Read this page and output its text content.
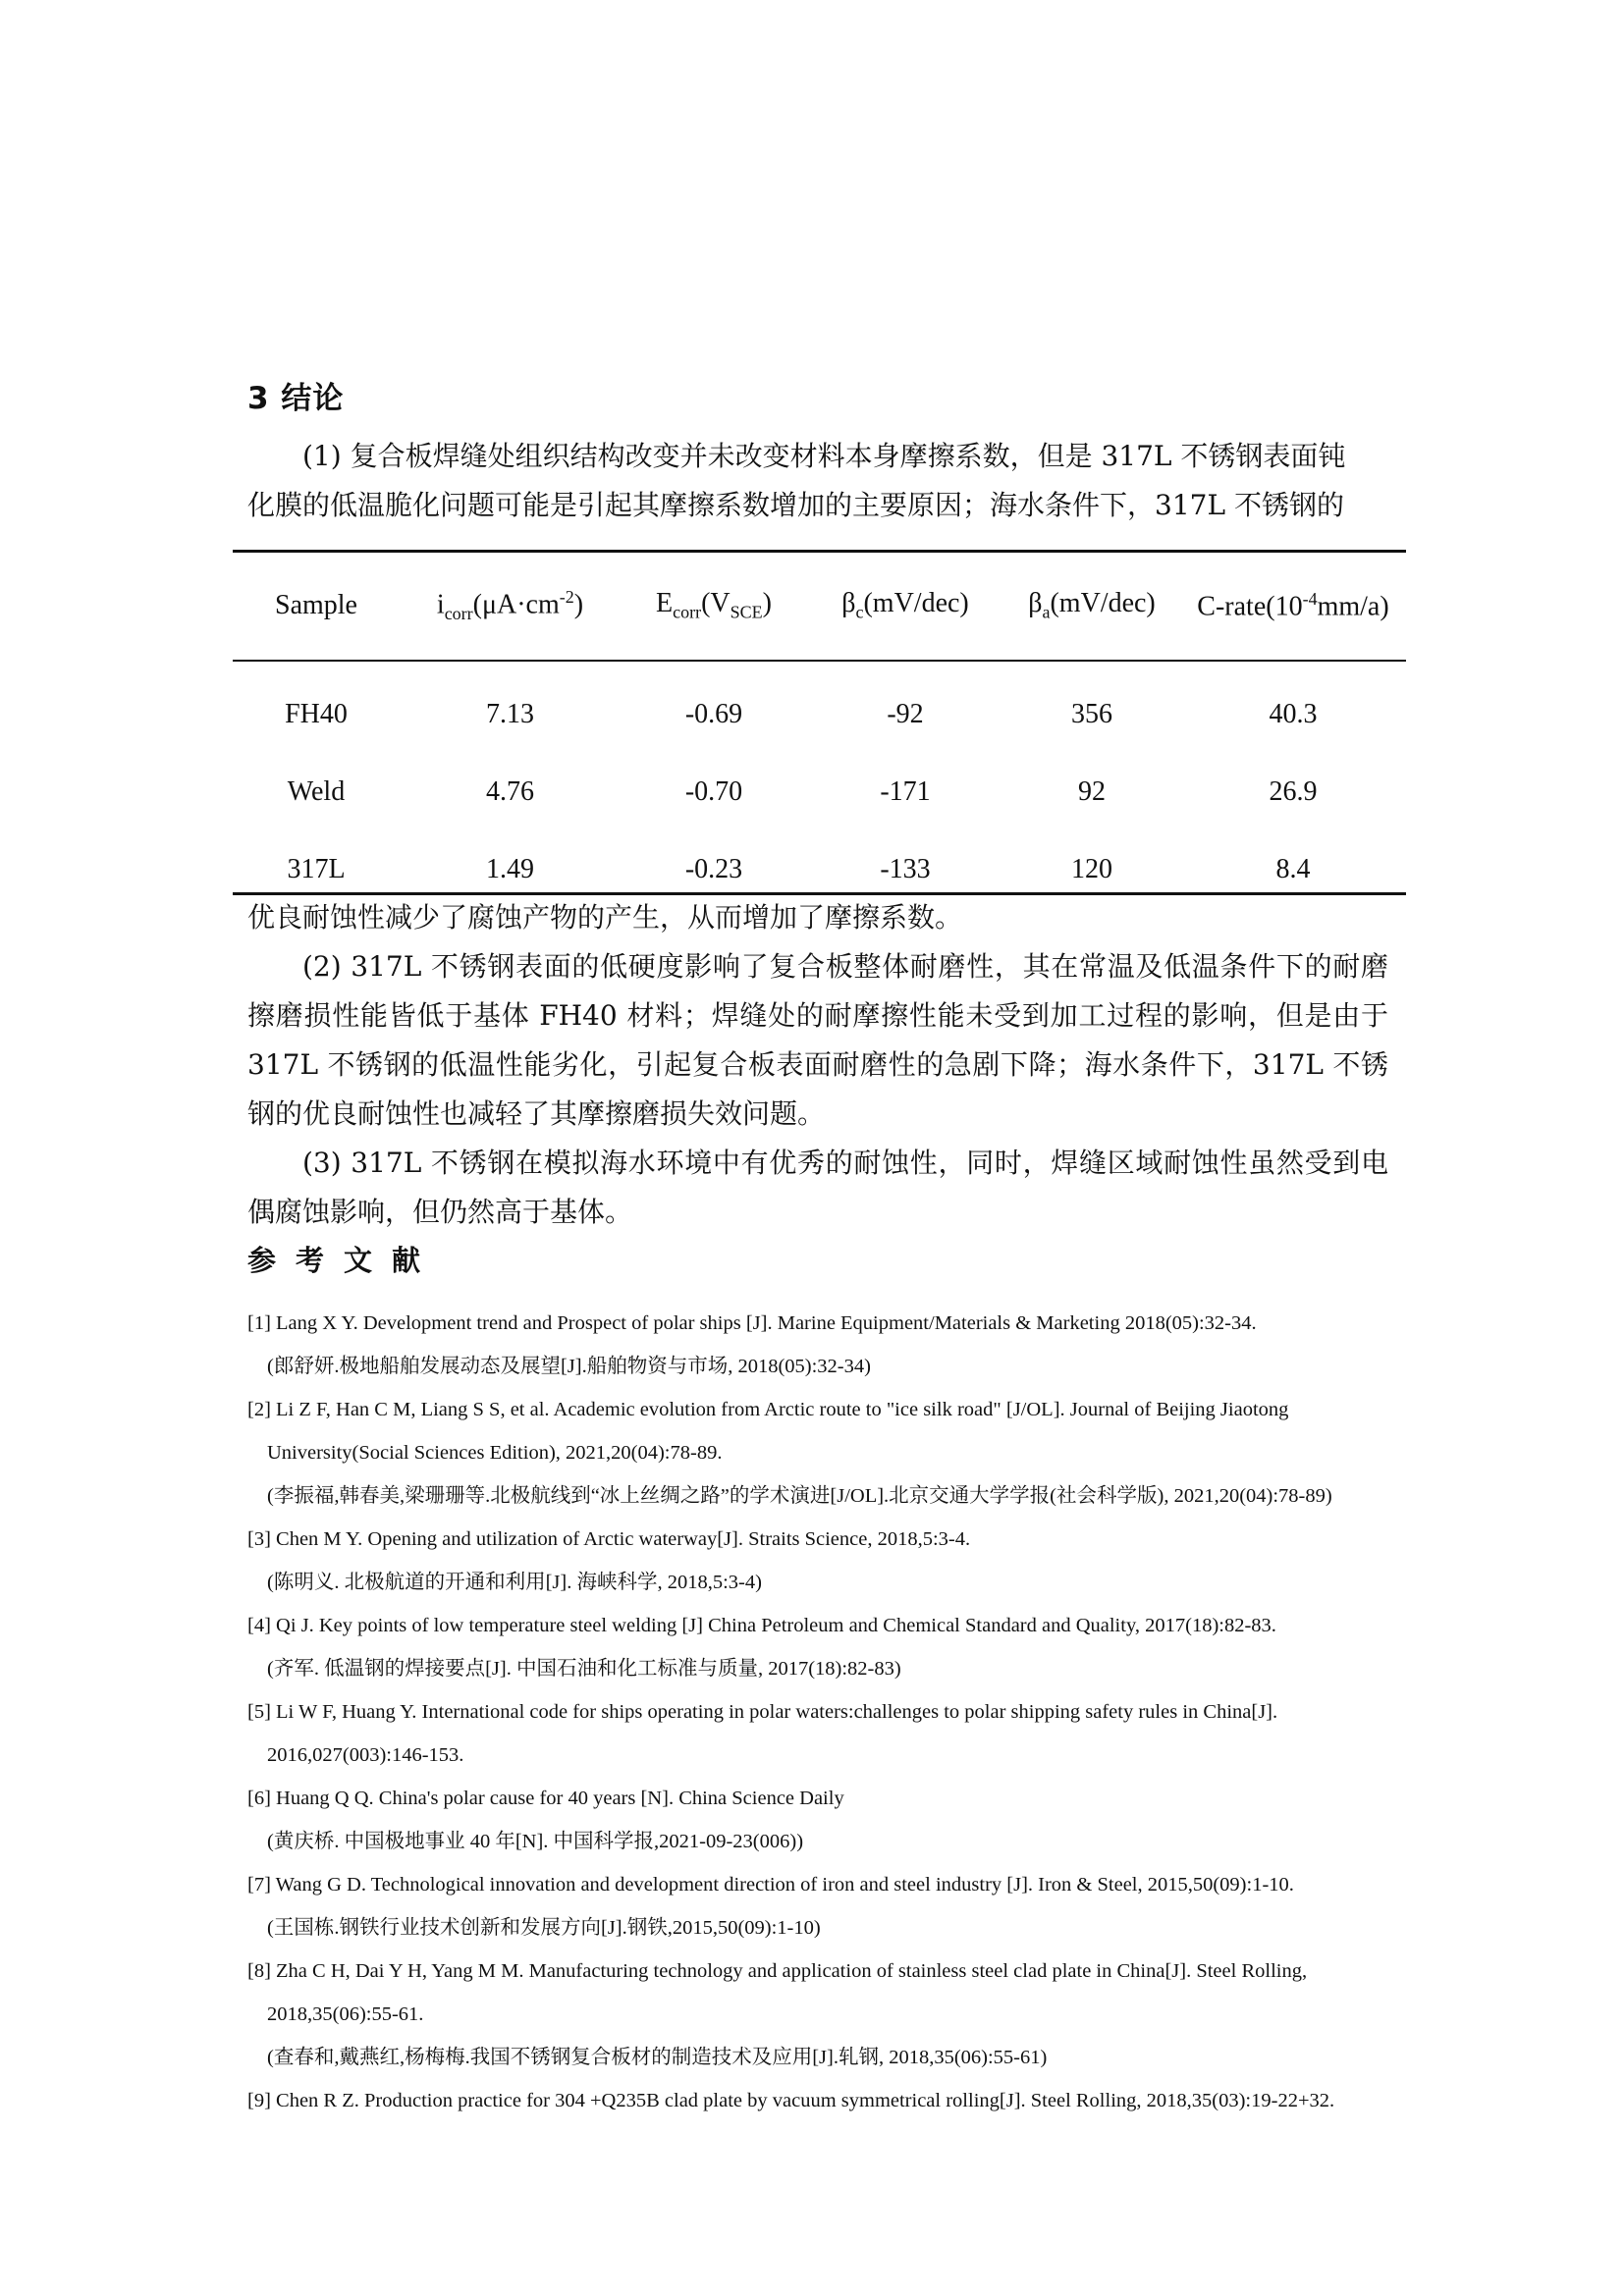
3 结论
(1) 复合板焊缝处组织结构改变并未改变材料本身摩擦系数，但是 317L 不锈钢表面钝
化膜的低温脆化问题可能是引起其摩擦系数增加的主要原因；海水条件下，317L 不锈钢的
Sample	$i_{corr}(\mu A\cdot cm^{-2})$	$E_{corr}(V_{SCE})$	$\beta_c(mV/dec)$	$\beta_a(mV/dec)$	$C-rate(10^{-4}mm/a)$
FH40	7.13	-0.69	-92	356	40.3
Weld	4.76	-0.70	-171	92	26.9
317L	1.49	-0.23	-133	120	8.4
优良耐蚀性减少了腐蚀产物的产生，从而增加了摩擦系数。

(2) 317L 不锈钢表面的低硬度影响了复合板整体耐磨性，其在常温及低温条件下的耐磨擦磨损性能皆低于基体 FH40 材料；焊缝处的耐摩擦性能未受到加工过程的影响，但是由于 317L 不锈钢的低温性能劣化，引起复合板表面耐磨性的急剧下降；海水条件下，317L 不锈钢的优良耐蚀性也减轻了其摩擦磨损失效问题。

(3) 317L 不锈钢在模拟海水环境中有优秀的耐蚀性，同时，焊缝区域耐蚀性虽然受到电偶腐蚀影响，但仍然高于基体。

参考文献

[1] Lang X Y. Development trend and Prospect of polar ships [J]. Marine Equipment/Materials & Marketing 2018(05):32-34.

(郎舒妍.极地船舶发展动态及展望[J].船舶物资与市场, 2018(05):32-34)

[2] Li Z F, Han C M, Liang S S, et al. Academic evolution from Arctic route to "ice silk road" [J/OL]. Journal of Beijing Jiaotong

University(Social Sciences Edition), 2021,20(04):78-89.

(李振福,韩春美,梁珊珊等.北极航线到“冰上丝绸之路”的学术演进[J/OL].北京交通大学学报(社会科学版), 2021,20(04):78-89)

[3] Chen M Y. Opening and utilization of Arctic waterway[J]. Straits Science, 2018,5:3-4.

(陈明义. 北极航道的开通和利用[J]. 海峡科学, 2018,5:3-4)

[4] Qi J. Key points of low temperature steel welding [J] China Petroleum and Chemical Standard and Quality, 2017(18):82-83.

(齐军. 低温钢的焊接要点[J]. 中国石油和化工标准与质量, 2017(18):82-83)

[5] Li W F, Huang Y. International code for ships operating in polar waters:challenges to polar shipping safety rules in China[J].

2016,027(003):146-153.

[6] Huang Q Q. China's polar cause for 40 years [N]. China Science Daily

(黄庆桥. 中国极地事业 40 年[N]. 中国科学报,2021-09-23(006))

[7] Wang G D. Technological innovation and development direction of iron and steel industry [J]. Iron & Steel, 2015,50(09):1-10.

(王国栋.钢铁行业技术创新和发展方向[J].钢铁,2015,50(09):1-10)

[8] Zha C H, Dai Y H, Yang M M. Manufacturing technology and application of stainless steel clad plate in China[J]. Steel Rolling,

2018,35(06):55-61.

(查春和,戴燕红,杨梅梅.我国不锈钢复合板材的制造技术及应用[J].轧钢, 2018,35(06):55-61)

[9] Chen R Z. Production practice for 304 +Q235B clad plate by vacuum symmetrical rolling[J]. Steel Rolling, 2018,35(03):19-22+32.
